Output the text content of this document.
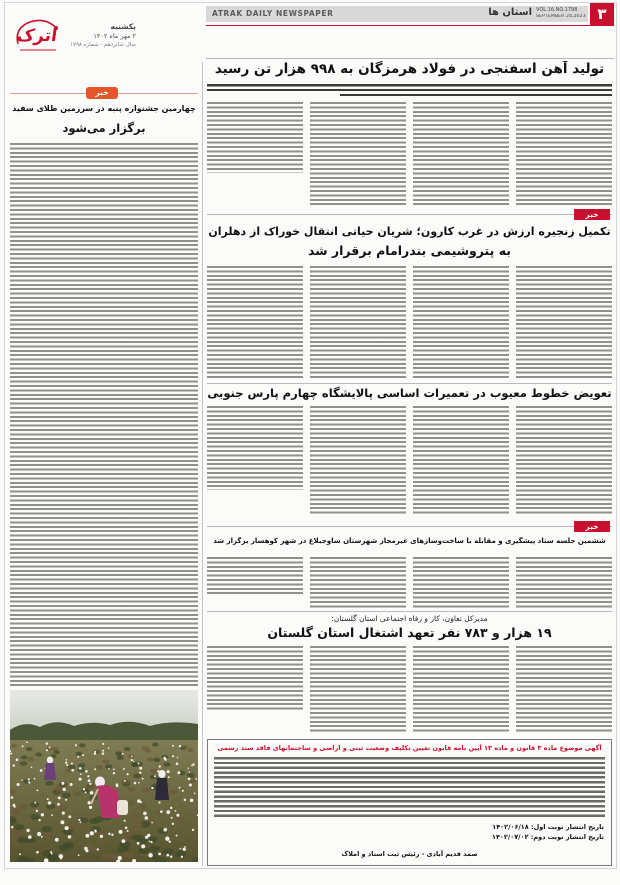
ATRAK DAILY NEWSPAPER	استان ها VOL.16,NO.1798
SEPTEMBER 24,2023 ۳
اترک	یکشنبه
۲ مهر ماه ۱۴۰۲
سال شانزدهم - شماره ۱۷۹۸
تولید آهن اسفنجی در فولاد هرمزگان به ۹۹۸ هزار تن رسید
خبر
تکمیل زنجیره ارزش در غرب کارون؛ شریان حیاتی انتقال خوراک از دهلران
به پتروشیمی بندرامام برقرار شد
تعویض خطوط معیوب در تعمیرات اساسی پالایشگاه چهارم پارس جنوبی
خبر
ششمین جلسه ستاد پیشگیری و مقابله با ساخت‌وسازهای غیرمجاز شهرستان ساوجبلاغ در شهر کوهسار برگزار شد
مدیرکل تعاون، کار و رفاه اجتماعی استان گلستان:
۱۹ هزار و ۷۸۳ نفر تعهد اشتغال استان گلستان
آگهی موضوع ماده ۳ قانون و ماده ۱۳ آیین نامه قانون تعیین تکلیف وضعیت ثبتی و اراضی و ساختمانهای فاقد سند رسمی
تاریخ انتشار نوبت اول: ۱۴۰۲/۰۶/۱۸
تاریخ انتشار نوبت دوم: ۱۴۰۲/۰۷/۰۲
صمد قدیم آبادی - رئیس ثبت اسناد و املاک
خبر
چهارمین جشنواره پنبه در سرزمین طلای سفید
برگزار می‌شود
